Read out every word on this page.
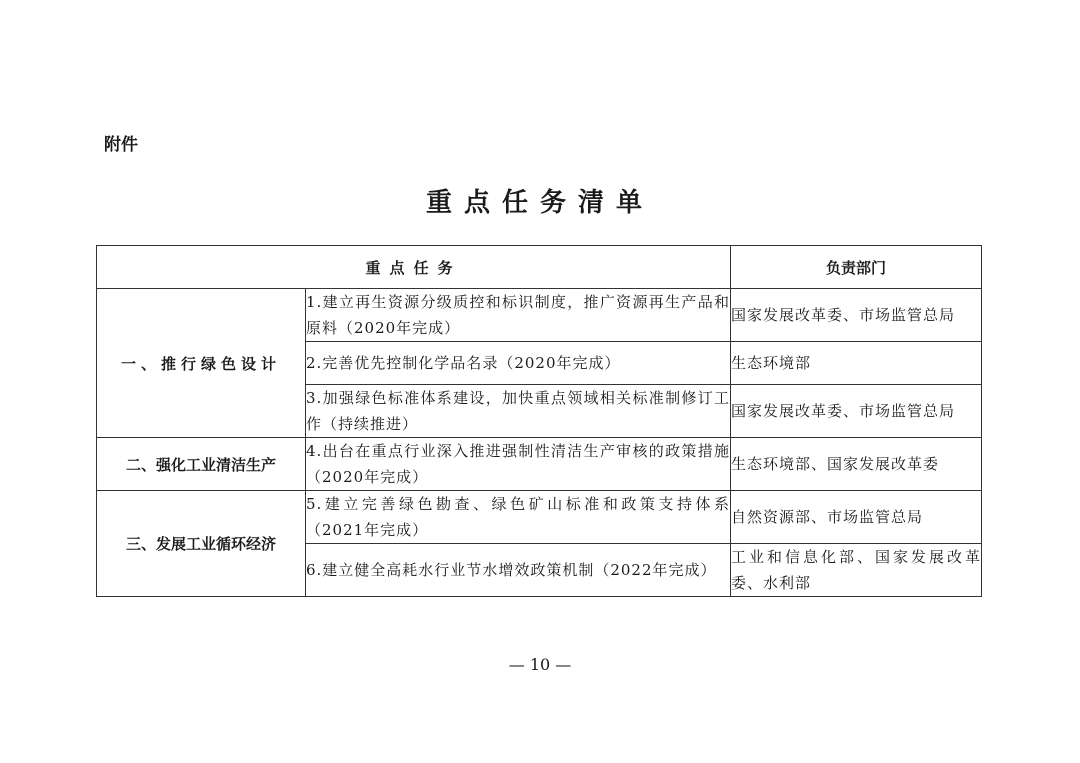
附件
重点任务清单
重点任务		负责部门
一、推行绿色设计	1.建立再生资源分级质控和标识制度，推广资源再生产品和原料（2020年完成）	国家发展改革委、市场监管总局
	2.完善优先控制化学品名录（2020年完成）	生态环境部
	3.加强绿色标准体系建设，加快重点领域相关标准制修订工作（持续推进）	国家发展改革委、市场监管总局
二、强化工业清洁生产	4.出台在重点行业深入推进强制性清洁生产审核的政策措施（2020年完成）	生态环境部、国家发展改革委
三、发展工业循环经济	5.建立完善绿色勘查、绿色矿山标准和政策支持体系（2021年完成）	自然资源部、市场监管总局
	6.建立健全高耗水行业节水增效政策机制（2022年完成）	工业和信息化部、国家发展改革委、水利部
— 10 —
